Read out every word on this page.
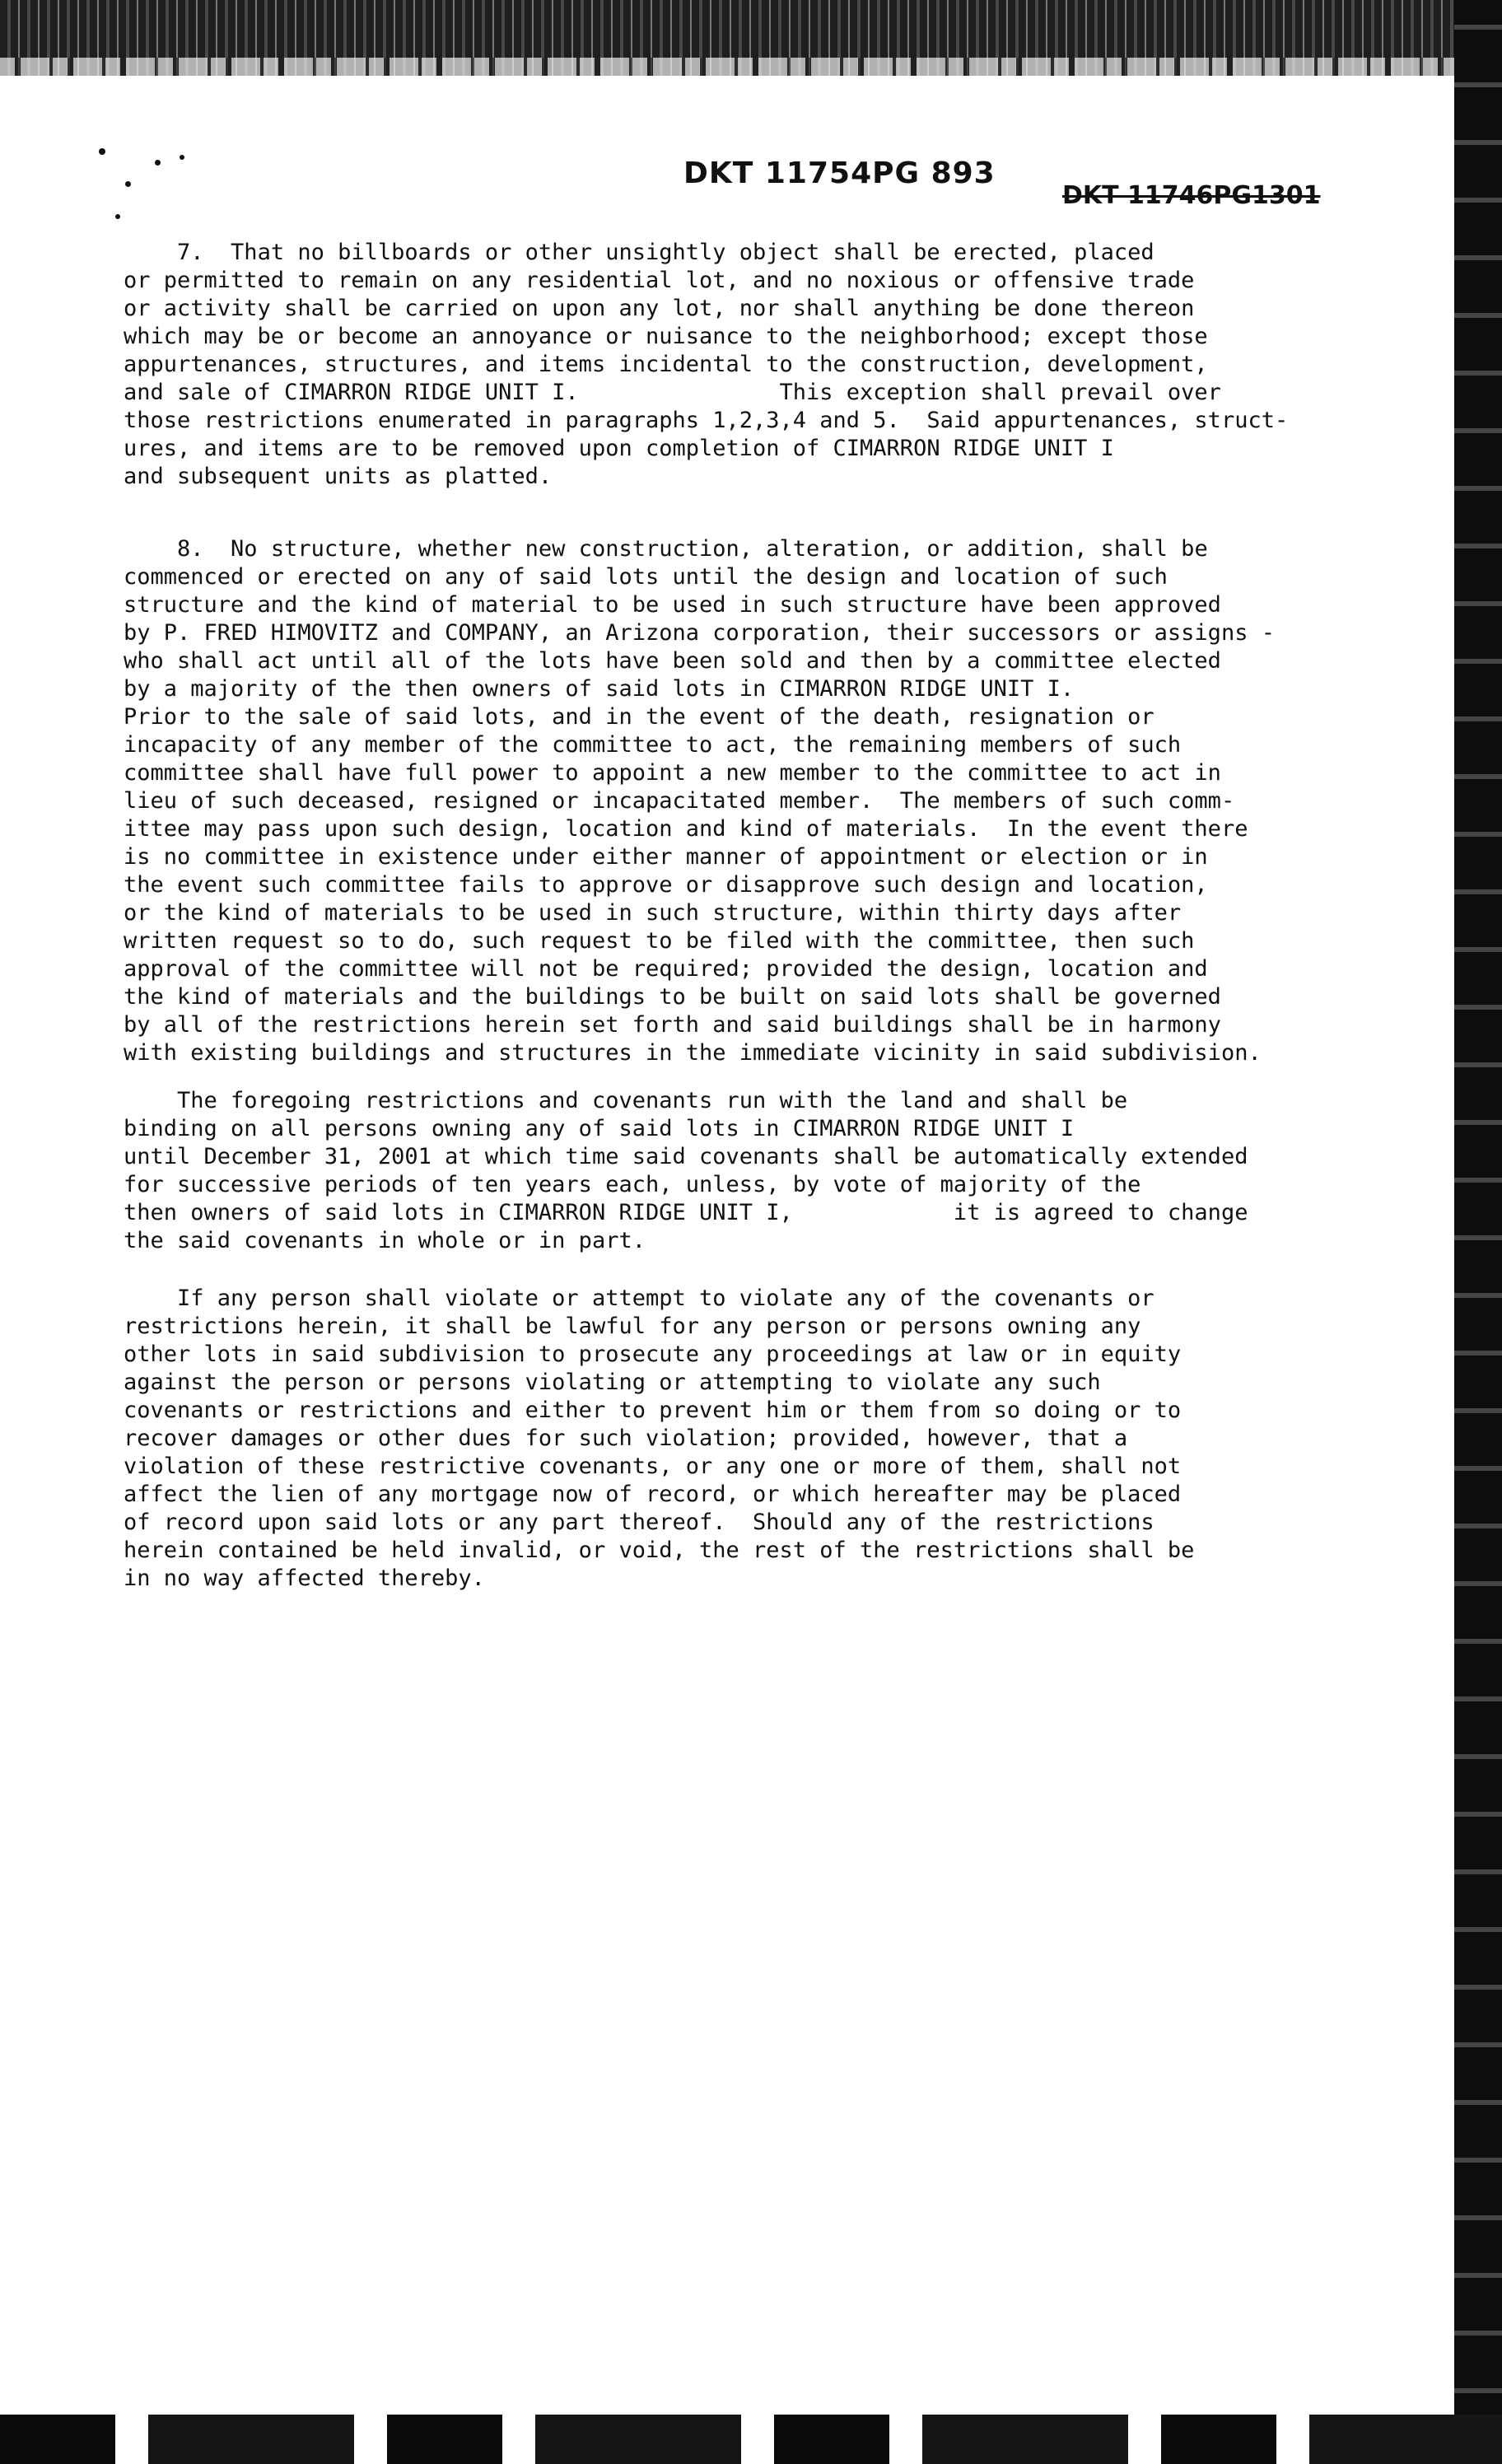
DKT 11754PG 893
DKT 11746PG1301
7.  That no billboards or other unsightly object shall be erected, placed
or permitted to remain on any residential lot, and no noxious or offensive trade
or activity shall be carried on upon any lot, nor shall anything be done thereon
which may be or become an annoyance or nuisance to the neighborhood; except those
appurtenances, structures, and items incidental to the construction, development,
and sale of CIMARRON RIDGE UNIT I.               This exception shall prevail over
those restrictions enumerated in paragraphs 1,2,3,4 and 5.  Said appurtenances, struct-
ures, and items are to be removed upon completion of CIMARRON RIDGE UNIT I
and subsequent units as platted.
8.  No structure, whether new construction, alteration, or addition, shall be
commenced or erected on any of said lots until the design and location of such
structure and the kind of material to be used in such structure have been approved
by P. FRED HIMOVITZ and COMPANY, an Arizona corporation, their successors or assigns -
who shall act until all of the lots have been sold and then by a committee elected
by a majority of the then owners of said lots in CIMARRON RIDGE UNIT I.
Prior to the sale of said lots, and in the event of the death, resignation or
incapacity of any member of the committee to act, the remaining members of such
committee shall have full power to appoint a new member to the committee to act in
lieu of such deceased, resigned or incapacitated member.  The members of such comm-
ittee may pass upon such design, location and kind of materials.  In the event there
is no committee in existence under either manner of appointment or election or in
the event such committee fails to approve or disapprove such design and location,
or the kind of materials to be used in such structure, within thirty days after
written request so to do, such request to be filed with the committee, then such
approval of the committee will not be required; provided the design, location and
the kind of materials and the buildings to be built on said lots shall be governed
by all of the restrictions herein set forth and said buildings shall be in harmony
with existing buildings and structures in the immediate vicinity in said subdivision.
The foregoing restrictions and covenants run with the land and shall be
binding on all persons owning any of said lots in CIMARRON RIDGE UNIT I
until December 31, 2001 at which time said covenants shall be automatically extended
for successive periods of ten years each, unless, by vote of majority of the
then owners of said lots in CIMARRON RIDGE UNIT I,            it is agreed to change
the said covenants in whole or in part.
If any person shall violate or attempt to violate any of the covenants or
restrictions herein, it shall be lawful for any person or persons owning any
other lots in said subdivision to prosecute any proceedings at law or in equity
against the person or persons violating or attempting to violate any such
covenants or restrictions and either to prevent him or them from so doing or to
recover damages or other dues for such violation; provided, however, that a
violation of these restrictive covenants, or any one or more of them, shall not
affect the lien of any mortgage now of record, or which hereafter may be placed
of record upon said lots or any part thereof.  Should any of the restrictions
herein contained be held invalid, or void, the rest of the restrictions shall be
in no way affected thereby.
